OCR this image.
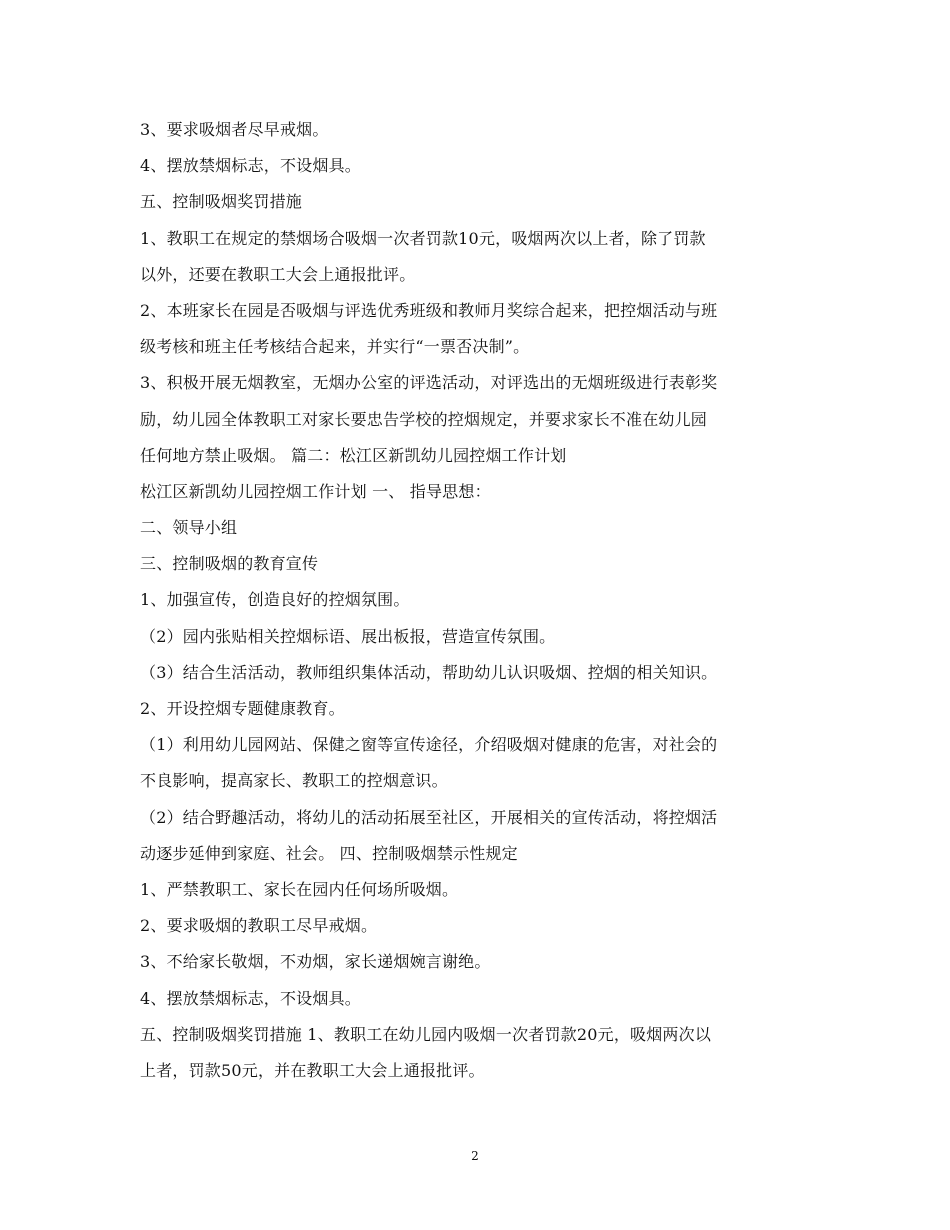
3、要求吸烟者尽早戒烟。
4、摆放禁烟标志，不设烟具。
五、控制吸烟奖罚措施
1、教职工在规定的禁烟场合吸烟一次者罚款10元，吸烟两次以上者，除了罚款
以外，还要在教职工大会上通报批评。
2、本班家长在园是否吸烟与评选优秀班级和教师月奖综合起来，把控烟活动与班
级考核和班主任考核结合起来，并实行“一票否决制”。
3、积极开展无烟教室，无烟办公室的评选活动，对评选出的无烟班级进行表彰奖
励，幼儿园全体教职工对家长要忠告学校的控烟规定，并要求家长不准在幼儿园
任何地方禁止吸烟。 篇二：松江区新凯幼儿园控烟工作计划
松江区新凯幼儿园控烟工作计划 一、 指导思想：
二、领导小组
三、控制吸烟的教育宣传
1、加强宣传，创造良好的控烟氛围。
（2）园内张贴相关控烟标语、展出板报，营造宣传氛围。
（3）结合生活活动，教师组织集体活动，帮助幼儿认识吸烟、控烟的相关知识。
2、开设控烟专题健康教育。
（1）利用幼儿园网站、保健之窗等宣传途径，介绍吸烟对健康的危害，对社会的
不良影响，提高家长、教职工的控烟意识。
（2）结合野趣活动，将幼儿的活动拓展至社区，开展相关的宣传活动，将控烟活
动逐步延伸到家庭、社会。 四、控制吸烟禁示性规定
1、严禁教职工、家长在园内任何场所吸烟。
2、要求吸烟的教职工尽早戒烟。
3、不给家长敬烟，不劝烟，家长递烟婉言谢绝。
4、摆放禁烟标志，不设烟具。
五、控制吸烟奖罚措施 1、教职工在幼儿园内吸烟一次者罚款20元，吸烟两次以
上者，罚款50元，并在教职工大会上通报批评。
2
